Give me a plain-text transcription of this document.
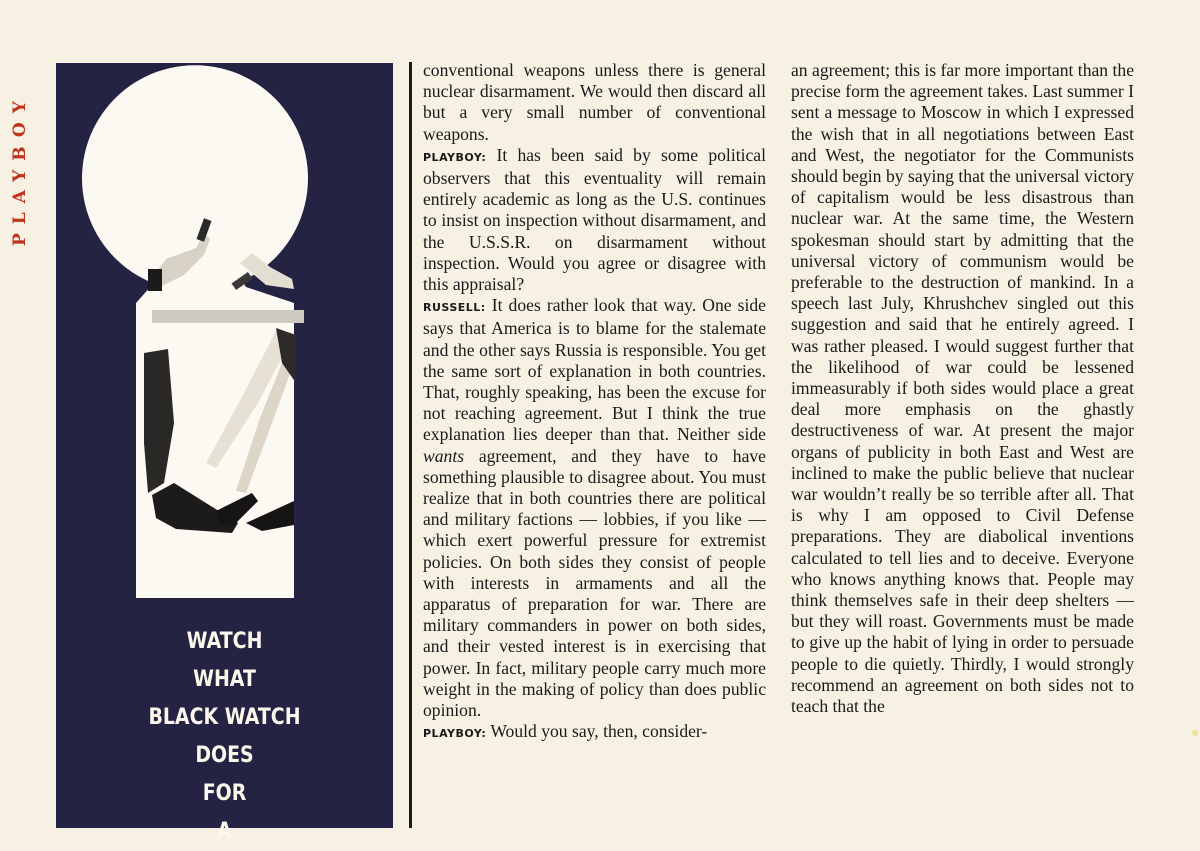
PLAYBOY
WATCH
WHAT
BLACK WATCH
DOES
FOR
A

conventional weapons unless there is general nuclear disarmament. We would then discard all but a very small number of conventional weapons.

PLAYBOY: It has been said by some political observers that this eventuality will remain entirely academic as long as the U.S. continues to insist on inspection without disarmament, and the U.S.S.R. on disarmament without inspection. Would you agree or disagree with this appraisal?

RUSSELL: It does rather look that way. One side says that America is to blame for the stalemate and the other says Russia is responsible. You get the same sort of explanation in both countries. That, roughly speaking, has been the excuse for not reaching agreement. But I think the true explanation lies deeper than that. Neither side wants agreement, and they have to have something plausible to disagree about. You must realize that in both countries there are political and military factions — lobbies, if you like — which exert powerful pressure for extremist policies. On both sides they consist of people with interests in armaments and all the apparatus of preparation for war. There are military commanders in power on both sides, and their vested interest is in exercising that power. In fact, military people carry much more weight in the making of policy than does public opinion.

PLAYBOY: Would you say, then, consider-

an agreement; this is far more important than the precise form the agreement takes. Last summer I sent a message to Moscow in which I expressed the wish that in all negotiations between East and West, the negotiator for the Communists should begin by saying that the universal victory of capitalism would be less disastrous than nuclear war. At the same time, the Western spokesman should start by admitting that the universal victory of communism would be preferable to the destruction of mankind. In a speech last July, Khrushchev singled out this suggestion and said that he entirely agreed. I was rather pleased. I would suggest further that the likelihood of war could be lessened immeasurably if both sides would place a great deal more emphasis on the ghastly destructiveness of war. At present the major organs of publicity in both East and West are inclined to make the public believe that nuclear war wouldn’t really be so terrible after all. That is why I am opposed to Civil Defense preparations. They are diabolical inventions calculated to tell lies and to deceive. Everyone who knows anything knows that. People may think themselves safe in their deep shelters — but they will roast. Governments must be made to give up the habit of lying in order to persuade people to die quietly. Thirdly, I would strongly recommend an agreement on both sides not to teach that the
